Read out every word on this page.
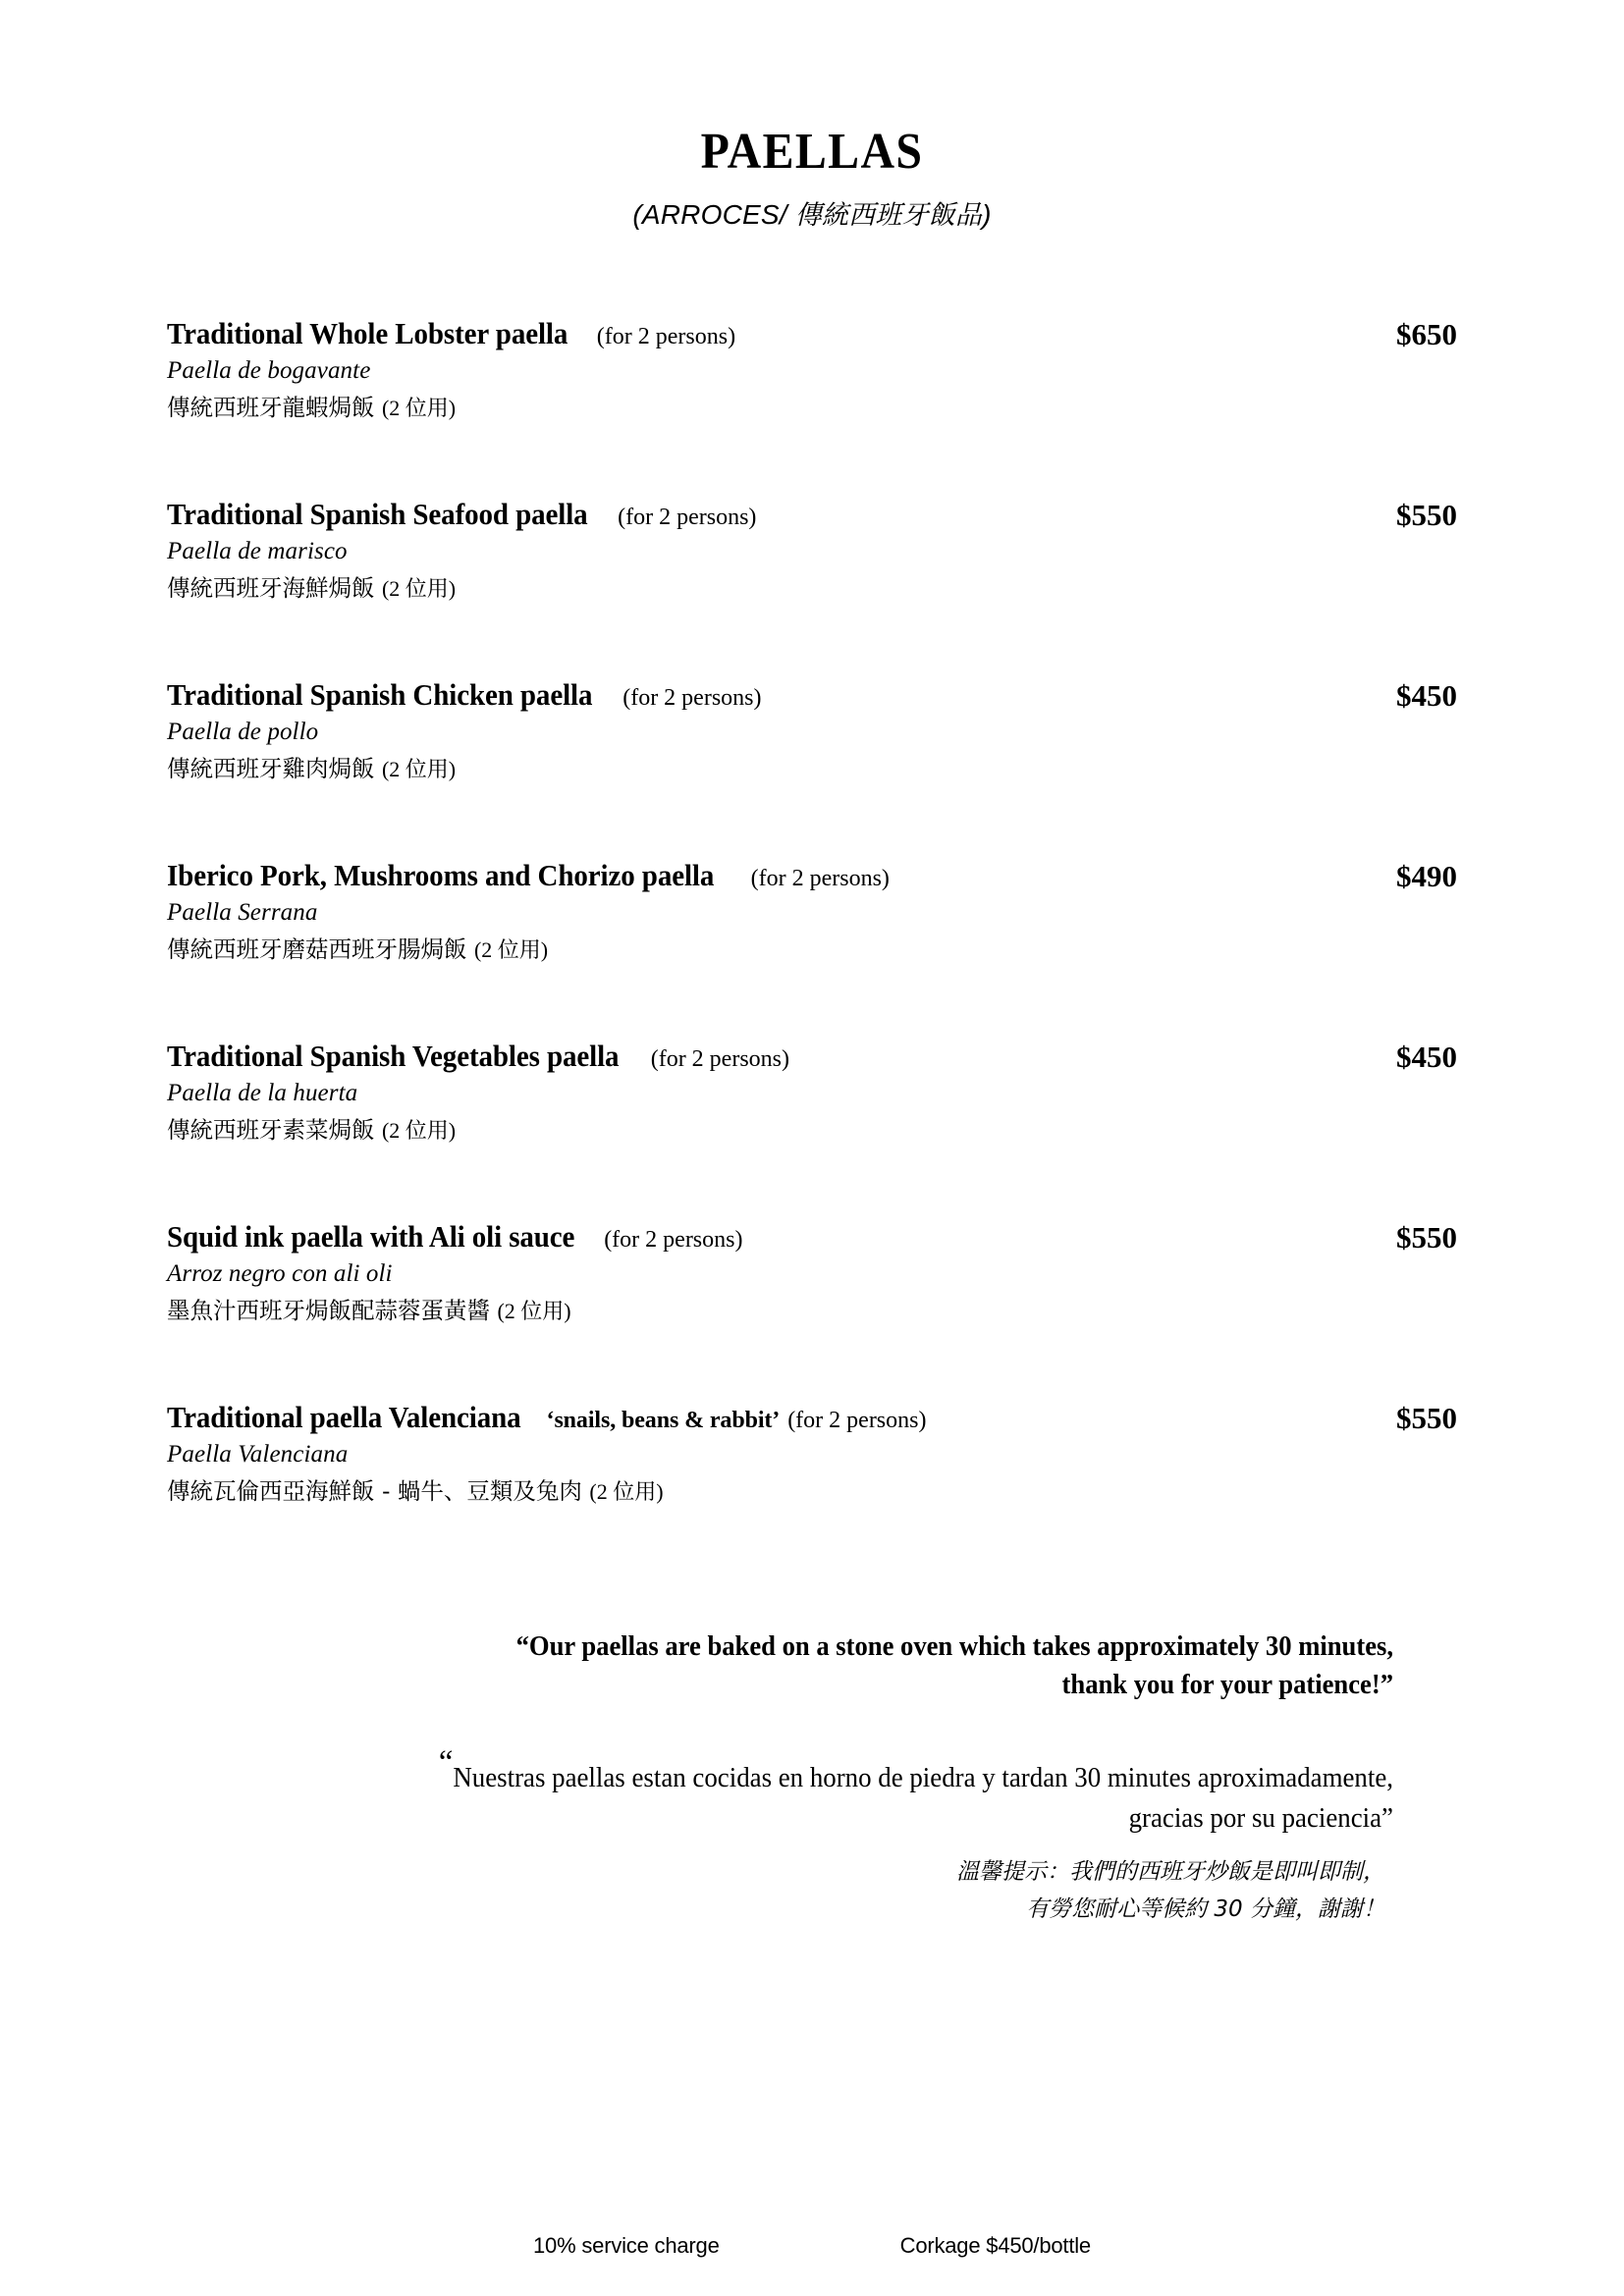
PAELLAS
(ARROCES/ 傳統西班牙飯品)
Traditional Whole Lobster paella (for 2 persons)
Paella de bogavante
傳統西班牙龍蝦焗飯 (2 位用)
$650
Traditional Spanish Seafood paella (for 2 persons)
Paella de marisco
傳統西班牙海鮮焗飯 (2 位用)
$550
Traditional Spanish Chicken paella (for 2 persons)
Paella de pollo
傳統西班牙雞肉焗飯 (2 位用)
$450
Iberico Pork, Mushrooms and Chorizo paella (for 2 persons)
Paella Serrana
傳統西班牙磨菇西班牙腸焗飯 (2 位用)
$490
Traditional Spanish Vegetables paella (for 2 persons)
Paella de la huerta
傳統西班牙素菜焗飯 (2 位用)
$450
Squid ink paella with Ali oli sauce (for 2 persons)
Arroz negro con ali oli
墨魚汁西班牙焗飯配蒜蓉蛋黃醬 (2 位用)
$550
Traditional paella Valenciana ‘snails, beans & rabbit’ (for 2 persons)
Paella Valenciana
傳統瓦倫西亞海鮮飯 - 蝸牛、豆類及兔肉 (2 位用)
$550
“Our paellas are baked on a stone oven which takes approximately 30 minutes,
thank you for your patience!”
“Nuestras paellas estan cocidas en horno de piedra y tardan 30 minutes aproximadamente,
gracias por su paciencia”
溫馨提示：我們的西班牙炒飯是即叫即制，
有勞您耐心等候約 30 分鐘，謝謝！
10% service charge	Corkage $450/bottle
